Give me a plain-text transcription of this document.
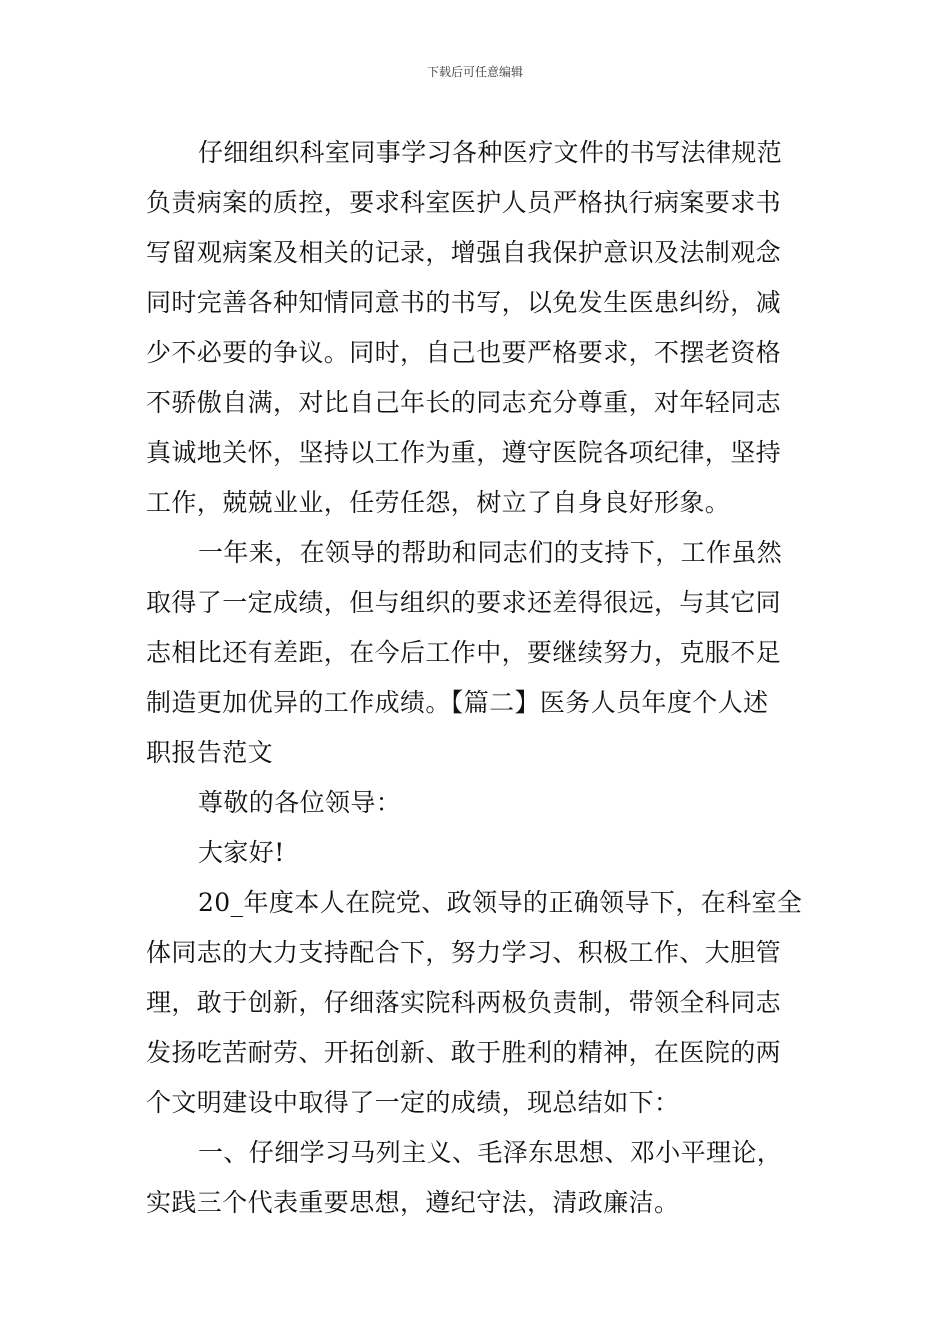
下载后可任意编辑
仔细组织科室同事学习各种医疗文件的书写法律规范
负责病案的质控，要求科室医护人员严格执行病案要求书
写留观病案及相关的记录，增强自我保护意识及法制观念
同时完善各种知情同意书的书写，以免发生医患纠纷，减
少不必要的争议。同时，自己也要严格要求，不摆老资格
不骄傲自满，对比自己年长的同志充分尊重，对年轻同志
真诚地关怀，坚持以工作为重，遵守医院各项纪律，坚持
工作，兢兢业业，任劳任怨，树立了自身良好形象。
一年来，在领导的帮助和同志们的支持下，工作虽然
取得了一定成绩，但与组织的要求还差得很远，与其它同
志相比还有差距，在今后工作中，要继续努力，克服不足
制造更加优异的工作成绩。【篇二】医务人员年度个人述
职报告范文
尊敬的各位领导：
大家好!
20_年度本人在院党、政领导的正确领导下，在科室全
体同志的大力支持配合下，努力学习、积极工作、大胆管
理，敢于创新，仔细落实院科两极负责制，带领全科同志
发扬吃苦耐劳、开拓创新、敢于胜利的精神，在医院的两
个文明建设中取得了一定的成绩，现总结如下：
一、仔细学习马列主义、毛泽东思想、邓小平理论，
实践三个代表重要思想，遵纪守法，清政廉洁。
